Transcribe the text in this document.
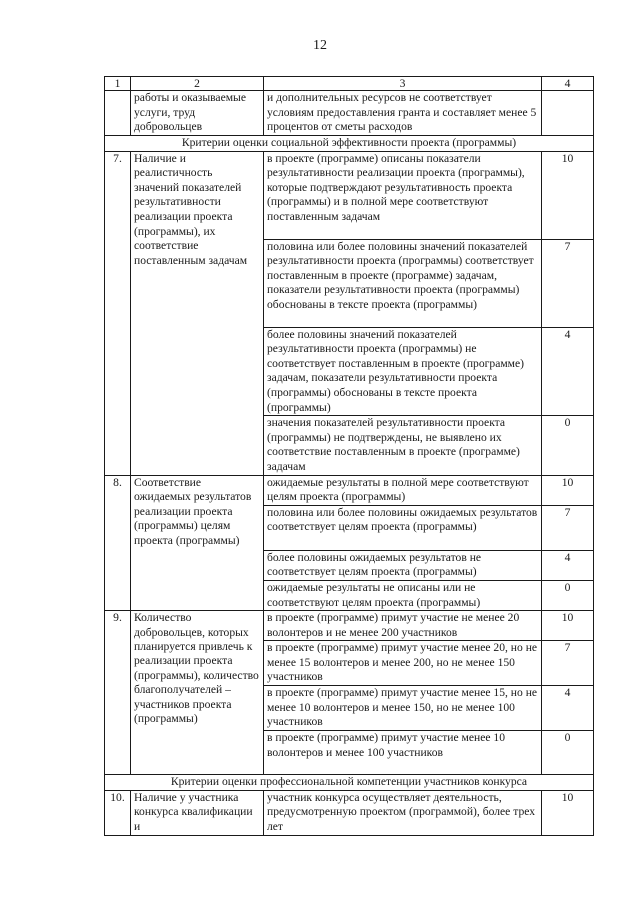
12
1	2	3	4
	работы и оказываемые услуги, труд добровольцев	и дополнительных ресурсов не соответствует условиям предоставления гранта и составляет менее 5 процентов от сметы расходов	
Критерии оценки социальной эффективности проекта (программы)			
7.	Наличие и реалистичность значений показателей результативности реализации проекта (программы), их соответствие поставленным задачам	в проекте (программе) описаны показатели результативности реализации проекта (программы), которые подтверждают результативность проекта (программы) и в полной мере соответствуют поставленным задачам	10
		половина или более половины значений показателей результативности проекта (программы) соответствует поставленным в проекте (программе) задачам, показатели результативности проекта (программы) обоснованы в тексте проекта (программы)	7
		более половины значений показателей результативности проекта (программы) не соответствует поставленным в проекте (программе) задачам, показатели результативности проекта (программы) обоснованы в тексте проекта (программы)	4
		значения показателей результативности проекта (программы) не подтверждены, не выявлено их соответствие поставленным в проекте (программе) задачам	0
8.	Соответствие ожидаемых результатов реализации проекта (программы) целям проекта (программы)	ожидаемые результаты в полной мере соответствуют целям проекта (программы)	10
		половина или более половины ожидаемых результатов соответствует целям проекта (программы)	7
		более половины ожидаемых результатов не соответствует целям проекта (программы)	4
		ожидаемые результаты не описаны или не соответствуют целям проекта (программы)	0
9.	Количество добровольцев, которых планируется привлечь к реализации проекта (программы), количество благополучателей – участников проекта (программы)	в проекте (программе) примут участие не менее 20 волонтеров и не менее 200 участников	10
		в проекте (программе) примут участие менее 20, но не менее 15 волонтеров и менее 200, но не менее 150 участников	7
		в проекте (программе) примут участие менее 15, но не менее 10 волонтеров и менее 150, но не менее 100 участников	4
		в проекте (программе) примут участие менее 10 волонтеров и менее 100 участников	0
Критерии оценки профессиональной компетенции участников конкурса			
10.	Наличие у участника конкурса квалификации и	участник конкурса осуществляет деятельность, предусмотренную проектом (программой), более трех лет	10
